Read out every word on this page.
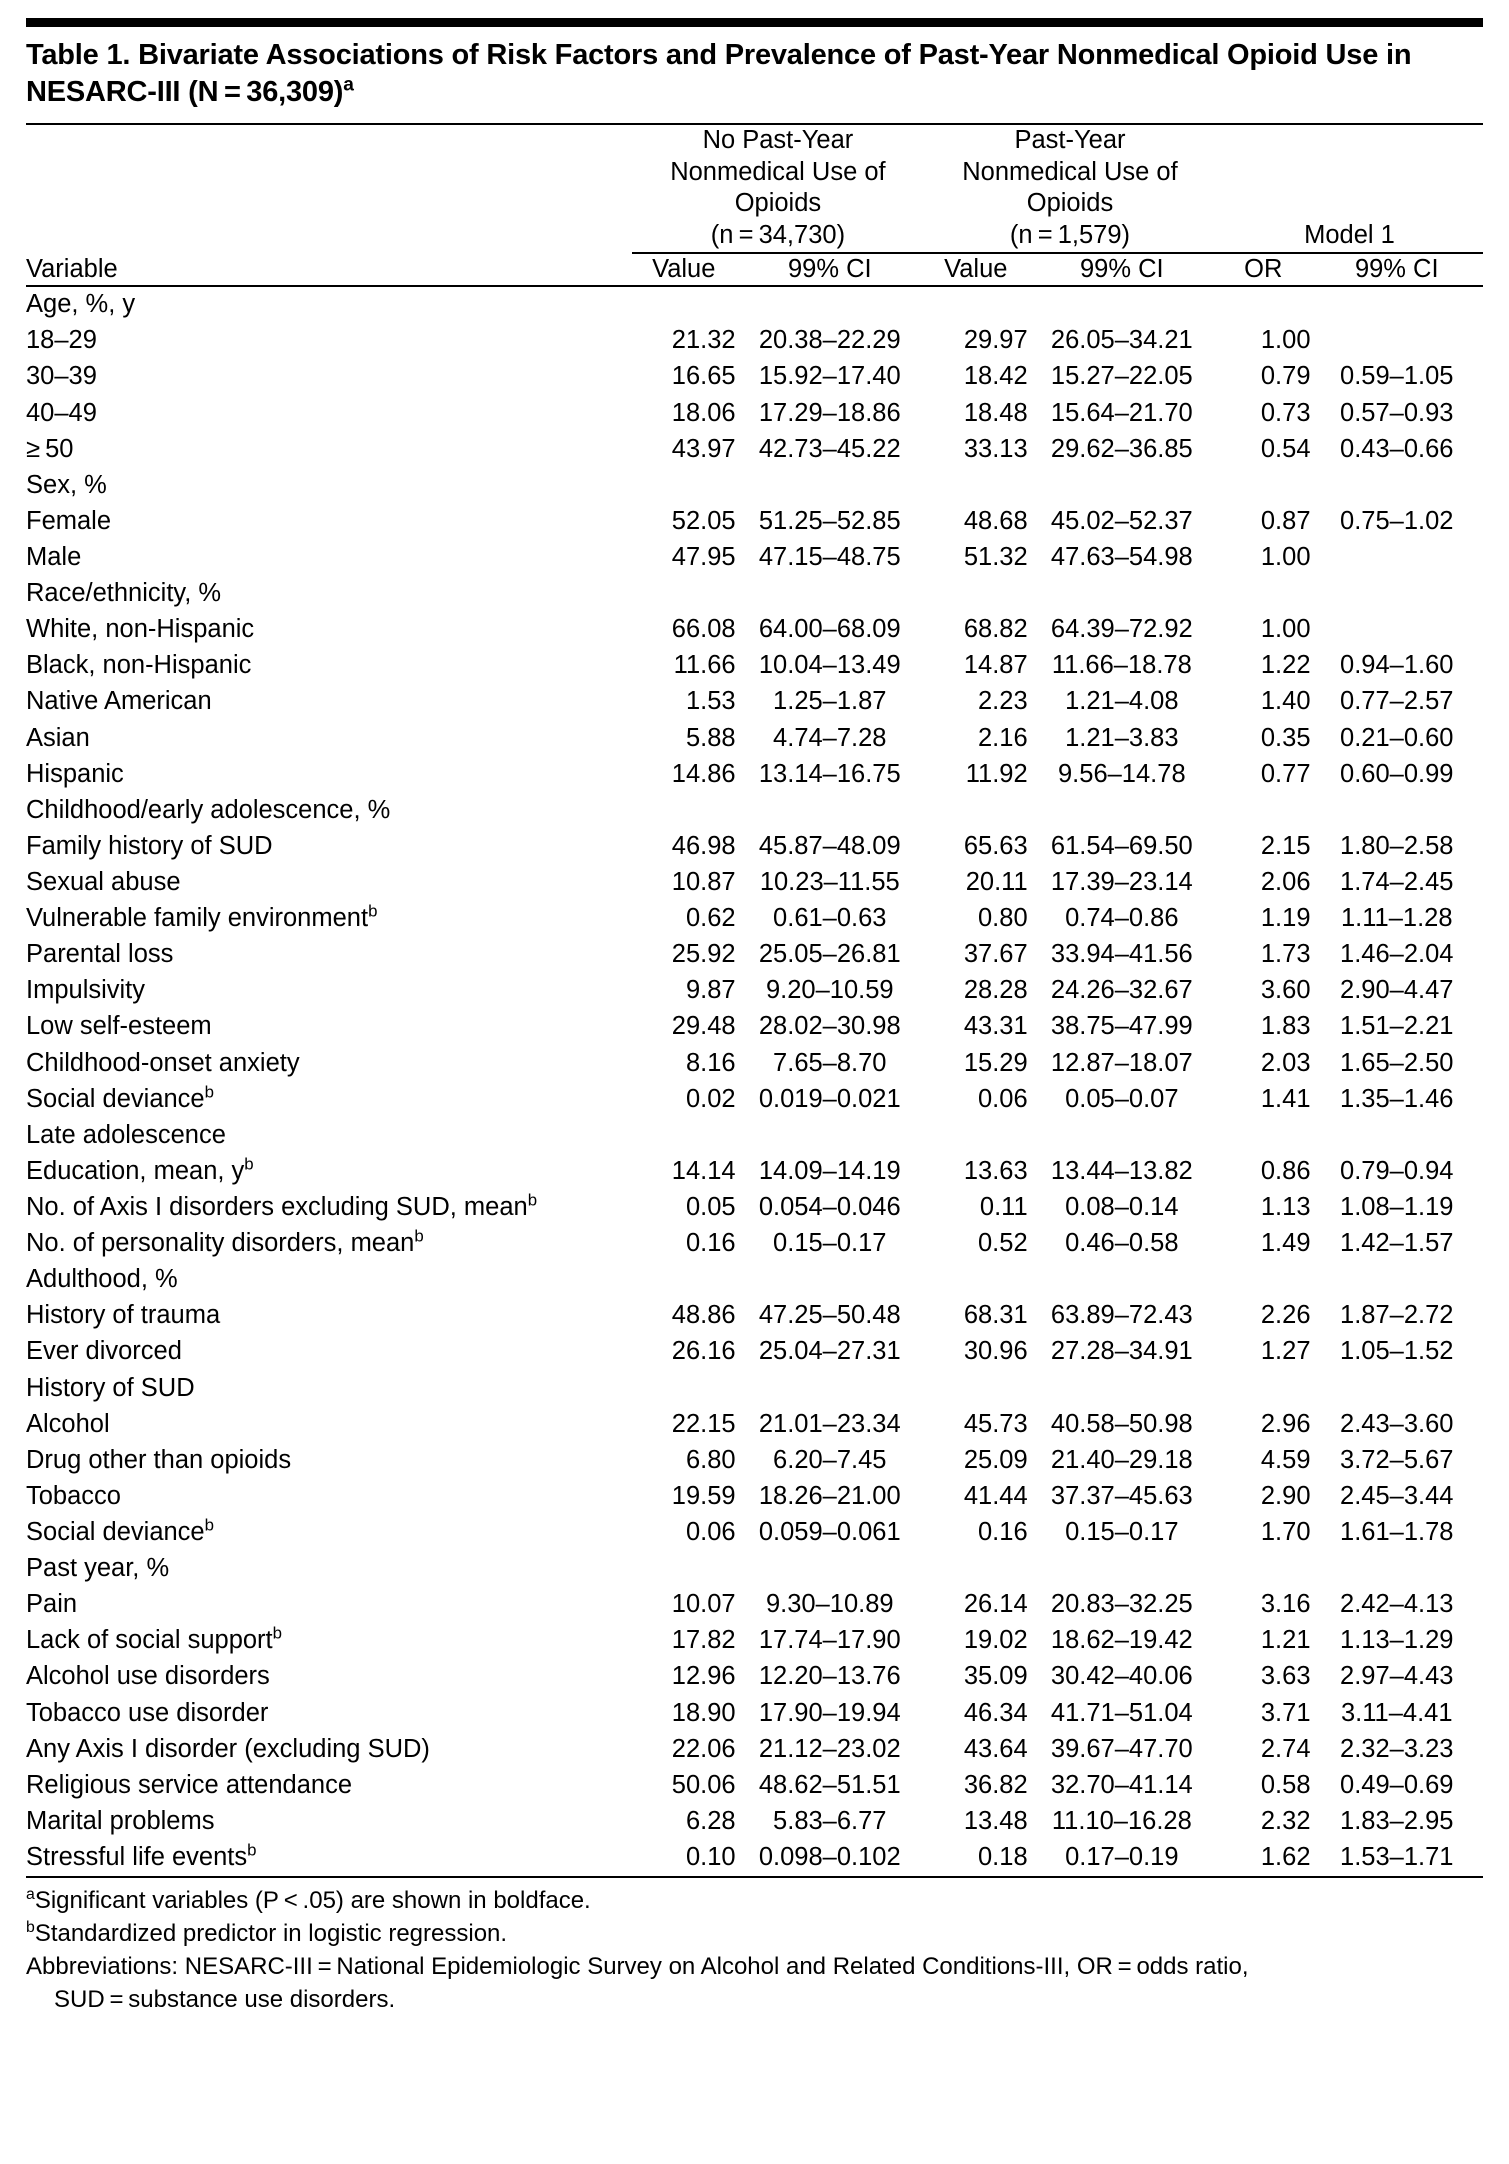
Table 1. Bivariate Associations of Risk Factors and Prevalence of Past-Year Nonmedical Opioid Use in NESARC-III (N = 36,309)$^a$

No Past-Year
Nonmedical Use of
Opioids
(n = 34,730)

Past-Year
Nonmedical Use of
Opioids
(n = 1,579)	Model 1

Variable	Value	99% CI	Value	99% CI	OR	99% CI
Age, %, y						
18–29	21.32	20.38–22.29	29.97	26.05–34.21	1.00	
30–39	16.65	15.92–17.40	18.42	15.27–22.05	0.79	0.59–1.05
40–49	18.06	17.29–18.86	18.48	15.64–21.70	0.73	0.57–0.93
≥ 50	43.97	42.73–45.22	33.13	29.62–36.85	0.54	0.43–0.66
Sex, %						
Female	52.05	51.25–52.85	48.68	45.02–52.37	0.87	0.75–1.02
Male	47.95	47.15–48.75	51.32	47.63–54.98	1.00	
Race/ethnicity, %						
White, non-Hispanic	66.08	64.00–68.09	68.82	64.39–72.92	1.00	
Black, non-Hispanic	11.66	10.04–13.49	14.87	11.66–18.78	1.22	0.94–1.60
Native American	1.53	1.25–1.87	2.23	1.21–4.08	1.40	0.77–2.57
Asian	5.88	4.74–7.28	2.16	1.21–3.83	0.35	0.21–0.60
Hispanic	14.86	13.14–16.75	11.92	9.56–14.78	0.77	0.60–0.99
Childhood/early adolescence, %						
Family history of SUD	46.98	45.87–48.09	65.63	61.54–69.50	2.15	1.80–2.58
Sexual abuse	10.87	10.23–11.55	20.11	17.39–23.14	2.06	1.74–2.45
Vulnerable family environment$^b$	0.62	0.61–0.63	0.80	0.74–0.86	1.19	1.11–1.28
Parental loss	25.92	25.05–26.81	37.67	33.94–41.56	1.73	1.46–2.04
Impulsivity	9.87	9.20–10.59	28.28	24.26–32.67	3.60	2.90–4.47
Low self-esteem	29.48	28.02–30.98	43.31	38.75–47.99	1.83	1.51–2.21
Childhood-onset anxiety	8.16	7.65–8.70	15.29	12.87–18.07	2.03	1.65–2.50
Social deviance$^b$	0.02	0.019–0.021	0.06	0.05–0.07	1.41	1.35–1.46
Late adolescence						
Education, mean, $y^b$	14.14	14.09–14.19	13.63	13.44–13.82	0.86	0.79–0.94
No. of Axis I disorders excluding SUD, mean$^b$	0.05	0.054–0.046	0.11	0.08–0.14	1.13	1.08–1.19
No. of personality disorders, mean$^b$	0.16	0.15–0.17	0.52	0.46–0.58	1.49	1.42–1.57
Adulthood, %						
History of trauma	48.86	47.25–50.48	68.31	63.89–72.43	2.26	1.87–2.72
Ever divorced	26.16	25.04–27.31	30.96	27.28–34.91	1.27	1.05–1.52
History of SUD						
Alcohol	22.15	21.01–23.34	45.73	40.58–50.98	2.96	2.43–3.60
Drug other than opioids	6.80	6.20–7.45	25.09	21.40–29.18	4.59	3.72–5.67
Tobacco	19.59	18.26–21.00	41.44	37.37–45.63	2.90	2.45–3.44
Social deviance$^b$	0.06	0.059–0.061	0.16	0.15–0.17	1.70	1.61–1.78
Past year, %						
Pain	10.07	9.30–10.89	26.14	20.83–32.25	3.16	2.42–4.13
Lack of social support$^b$	17.82	17.74–17.90	19.02	18.62–19.42	1.21	1.13–1.29
Alcohol use disorders	12.96	12.20–13.76	35.09	30.42–40.06	3.63	2.97–4.43
Tobacco use disorder	18.90	17.90–19.94	46.34	41.71–51.04	3.71	3.11–4.41
Any Axis I disorder (excluding SUD)	22.06	21.12–23.02	43.64	39.67–47.70	2.74	2.32–3.23
Religious service attendance	50.06	48.62–51.51	36.82	32.70–41.14	0.58	0.49–0.69
Marital problems	6.28	5.83–6.77	13.48	11.10–16.28	2.32	1.83–2.95
Stressful life events$^b$	0.10	0.098–0.102	0.18	0.17–0.19	1.62	1.53–1.71

$^a$Significant variables (P < .05) are shown in boldface.

$^b$Standardized predictor in logistic regression.

Abbreviations: NESARC-III = National Epidemiologic Survey on Alcohol and Related Conditions-III, OR = odds ratio,

SUD = substance use disorders.
